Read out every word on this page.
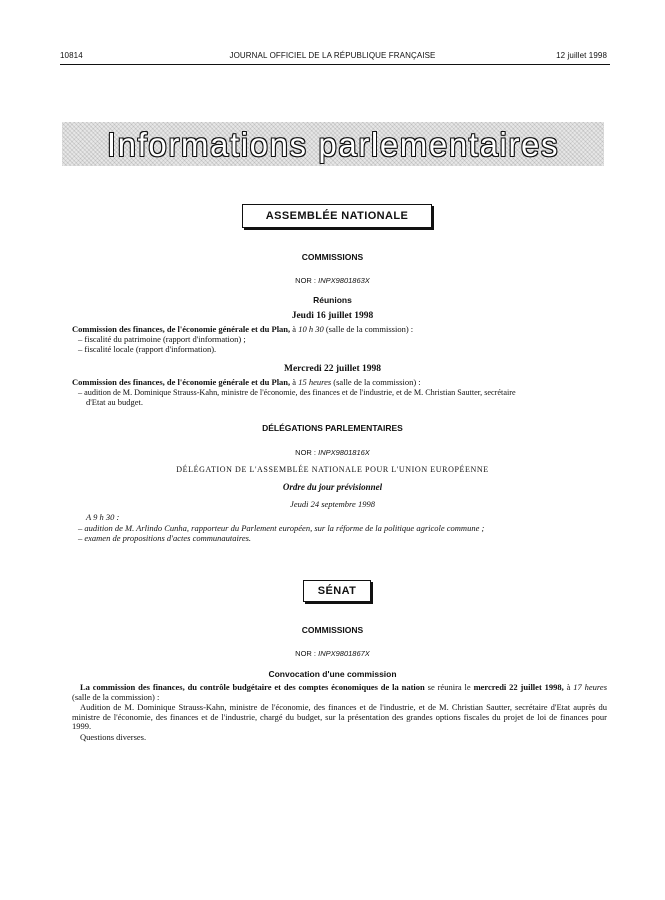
10814	JOURNAL OFFICIEL DE LA RÉPUBLIQUE FRANÇAISE	12 juillet 1998
Informations parlementaires
ASSEMBLÉE NATIONALE
COMMISSIONS
NOR : INPX9801863X
Réunions
Jeudi 16 juillet 1998
Commission des finances, de l'économie générale et du Plan, à 10 h 30 (salle de la commission) :
– fiscalité du patrimoine (rapport d'information) ;
– fiscalité locale (rapport d'information).
Mercredi 22 juillet 1998
Commission des finances, de l'économie générale et du Plan, à 15 heures (salle de la commission) :
– audition de M. Dominique Strauss-Kahn, ministre de l'économie, des finances et de l'industrie, et de M. Christian Sautter, secrétaire
d'Etat au budget.
DÉLÉGATIONS PARLEMENTAIRES
NOR : INPX9801816X
DÉLÉGATION DE L'ASSEMBLÉE NATIONALE POUR L'UNION EUROPÉENNE
Ordre du jour prévisionnel
Jeudi 24 septembre 1998
A 9 h 30 :
– audition de M. Arlindo Cunha, rapporteur du Parlement européen, sur la réforme de la politique agricole commune ;
– examen de propositions d'actes communautaires.
SÉNAT
COMMISSIONS
NOR : INPX9801867X
Convocation d'une commission
La commission des finances, du contrôle budgétaire et des comptes économiques de la nation se réunira le mercredi 22 juillet 1998, à 17 heures (salle de la commission) :
Audition de M. Dominique Strauss-Kahn, ministre de l'économie, des finances et de l'industrie, et de M. Christian Sautter, secrétaire d'Etat auprès du ministre de l'économie, des finances et de l'industrie, chargé du budget, sur la présentation des grandes options fiscales du projet de loi de finances pour 1999.
Questions diverses.
